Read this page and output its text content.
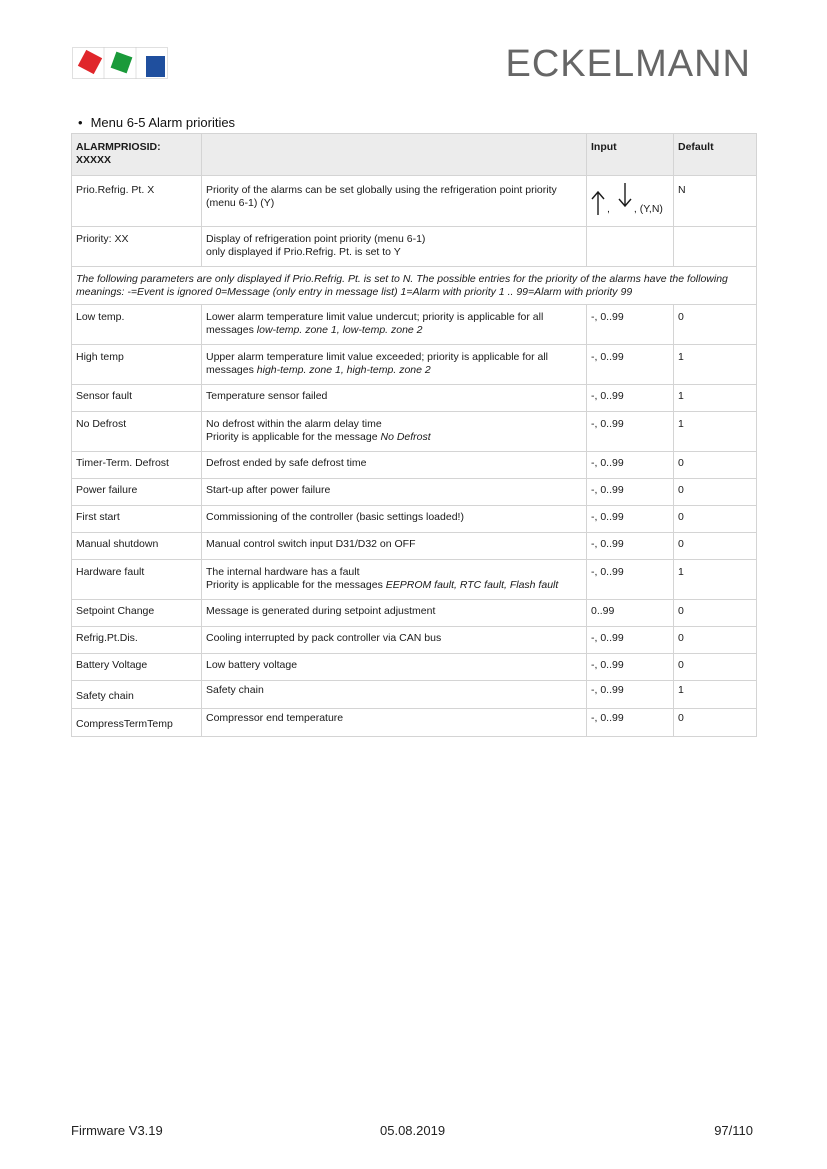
ECKELMANN
• Menu 6-5 Alarm priorities
ALARMPRIOSID: XXXXX		Input	Default
Prio.Refrig. Pt. X	Priority of the alarms can be set globally using the refrigeration point priority (menu 6-1) (Y)	, , (Y,N)	N
Priority: XX	Display of refrigeration point priority (menu 6-1)
only displayed if Prio.Refrig. Pt. is set to Y		

The following parameters are only displayed if Prio.Refrig. Pt. is set to N. The possible entries for the priority of the alarms have the following meanings: -=Event is ignored 0=Message (only entry in message list) 1=Alarm with priority 1 .. 99=Alarm with priority 99			
Low temp.	Lower alarm temperature limit value undercut; priority is applicable for all messages low-temp. zone 1, low-temp. zone 2	-, 0..99	0
High temp	Upper alarm temperature limit value exceeded; priority is applicable for all messages high-temp. zone 1, high-temp. zone 2	-, 0..99	1
Sensor fault	Temperature sensor failed	-, 0..99	1
No Defrost	No defrost within the alarm delay time
Priority is applicable for the message No Defrost	-, 0..99	1
Timer-Term. Defrost	Defrost ended by safe defrost time	-, 0..99	0
Power failure	Start-up after power failure	-, 0..99	0
First start	Commissioning of the controller (basic settings loaded!)	-, 0..99	0
Manual shutdown	Manual control switch input D31/D32 on OFF	-, 0..99	0
Hardware fault	The internal hardware has a fault
Priority is applicable for the messages EEPROM fault, RTC fault, Flash fault	-, 0..99	1
Setpoint Change	Message is generated during setpoint adjustment	0..99	0
Refrig.Pt.Dis.	Cooling interrupted by pack controller via CAN bus	-, 0..99	0
Battery Voltage	Low battery voltage	-, 0..99	0
Safety chain	Safety chain	-, 0..99	1
CompressTermTemp	Compressor end temperature	-, 0..99	0
Firmware V3.19	05.08.2019	97/110
